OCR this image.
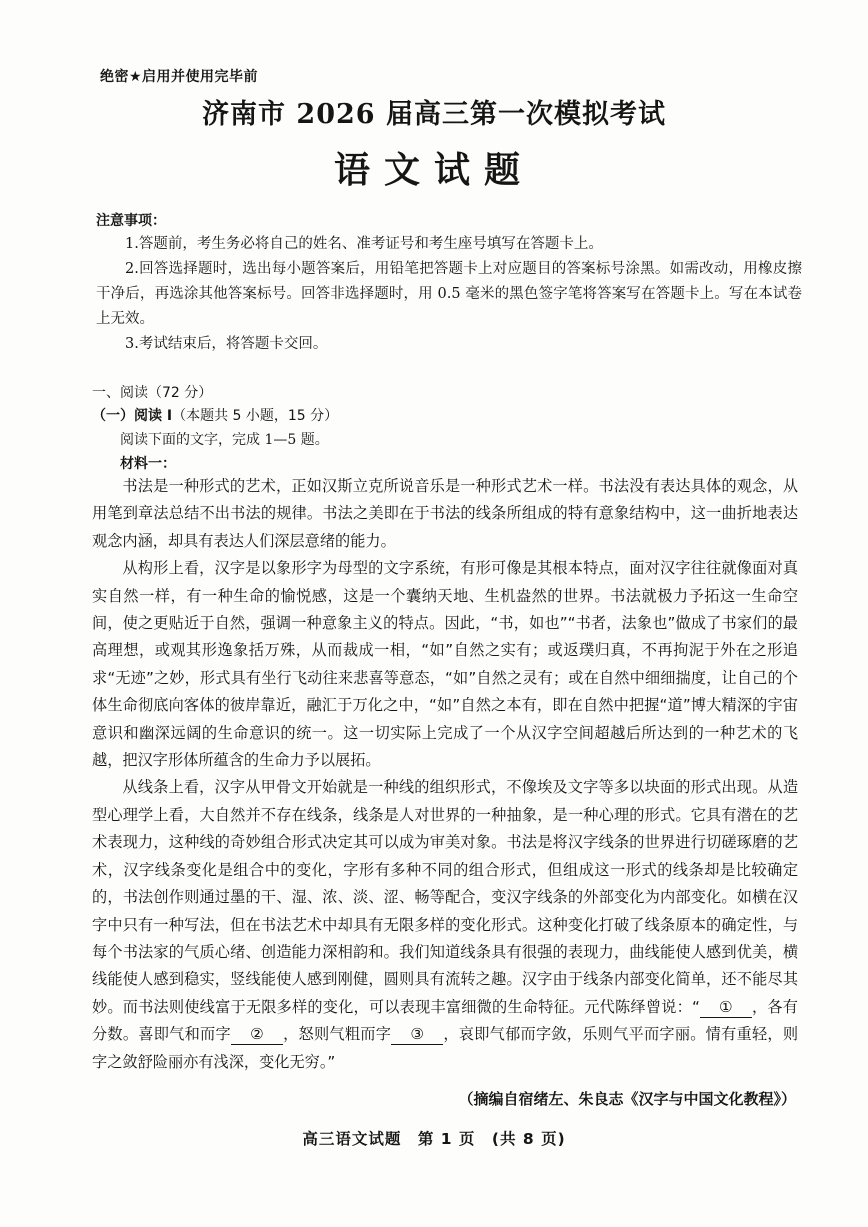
绝密★启用并使用完毕前
济南市 2026 届高三第一次模拟考试
语文试题
注意事项：

1.答题前，考生务必将自己的姓名、准考证号和考生座号填写在答题卡上。

2.回答选择题时，选出每小题答案后，用铅笔把答题卡上对应题目的答案标号涂黑。如需改动，用橡皮擦干净后，再选涂其他答案标号。回答非选择题时，用 0.5 毫米的黑色签字笔将答案写在答题卡上。写在本试卷上无效。

3.考试结束后，将答题卡交回。

一、阅读（72 分）
（一）阅读 Ⅰ（本题共 5 小题，15 分）
阅读下面的文字，完成 1—5 题。
材料一：

书法是一种形式的艺术，正如汉斯立克所说音乐是一种形式艺术一样。书法没有表达具体的观念，从用笔到章法总结不出书法的规律。书法之美即在于书法的线条所组成的特有意象结构中，这一曲折地表达观念内涵，却具有表达人们深层意绪的能力。

从构形上看，汉字是以象形字为母型的文字系统，有形可像是其根本特点，面对汉字往往就像面对真实自然一样，有一种生命的愉悦感，这是一个囊纳天地、生机盎然的世界。书法就极力予拓这一生命空间，使之更贴近于自然，强调一种意象主义的特点。因此，“书，如也”“书者，法象也”做成了书家们的最高理想，或观其形逸象括万殊，从而裁成一相，“如”自然之实有；或返璞归真，不再拘泥于外在之形追求“无迹”之妙，形式具有坐行飞动往来悲喜等意态，“如”自然之灵有；或在自然中细细揣度，让自己的个体生命彻底向客体的彼岸靠近，融汇于万化之中，“如”自然之本有，即在自然中把握“道”博大精深的宇宙意识和幽深远阔的生命意识的统一。这一切实际上完成了一个从汉字空间超越后所达到的一种艺术的飞越，把汉字形体所蕴含的生命力予以展拓。

从线条上看，汉字从甲骨文开始就是一种线的组织形式，不像埃及文字等多以块面的形式出现。从造型心理学上看，大自然并不存在线条，线条是人对世界的一种抽象，是一种心理的形式。它具有潜在的艺术表现力，这种线的奇妙组合形式决定其可以成为审美对象。书法是将汉字线条的世界进行切磋琢磨的艺术，汉字线条变化是组合中的变化，字形有多种不同的组合形式，但组成这一形式的线条却是比较确定的，书法创作则通过墨的干、湿、浓、淡、涩、畅等配合，变汉字线条的外部变化为内部变化。如横在汉字中只有一种写法，但在书法艺术中却具有无限多样的变化形式。这种变化打破了线条原本的确定性，与每个书法家的气质心绪、创造能力深相韵和。我们知道线条具有很强的表现力，曲线能使人感到优美，横线能使人感到稳实，竖线能使人感到刚健，圆则具有流转之趣。汉字由于线条内部变化简单，还不能尽其妙。而书法则使线富于无限多样的变化，可以表现丰富细微的生命特征。元代陈绎曾说：“ ① ，各有分数。喜即气和而字 ② ，怒则气粗而字 ③ ，哀即气郁而字敛，乐则气平而字丽。情有重轻，则字之敛舒险丽亦有浅深，变化无穷。”

（摘编自宿绪左、朱良志《汉字与中国文化教程》）
高三语文试题　第 1 页　(共 8 页)
